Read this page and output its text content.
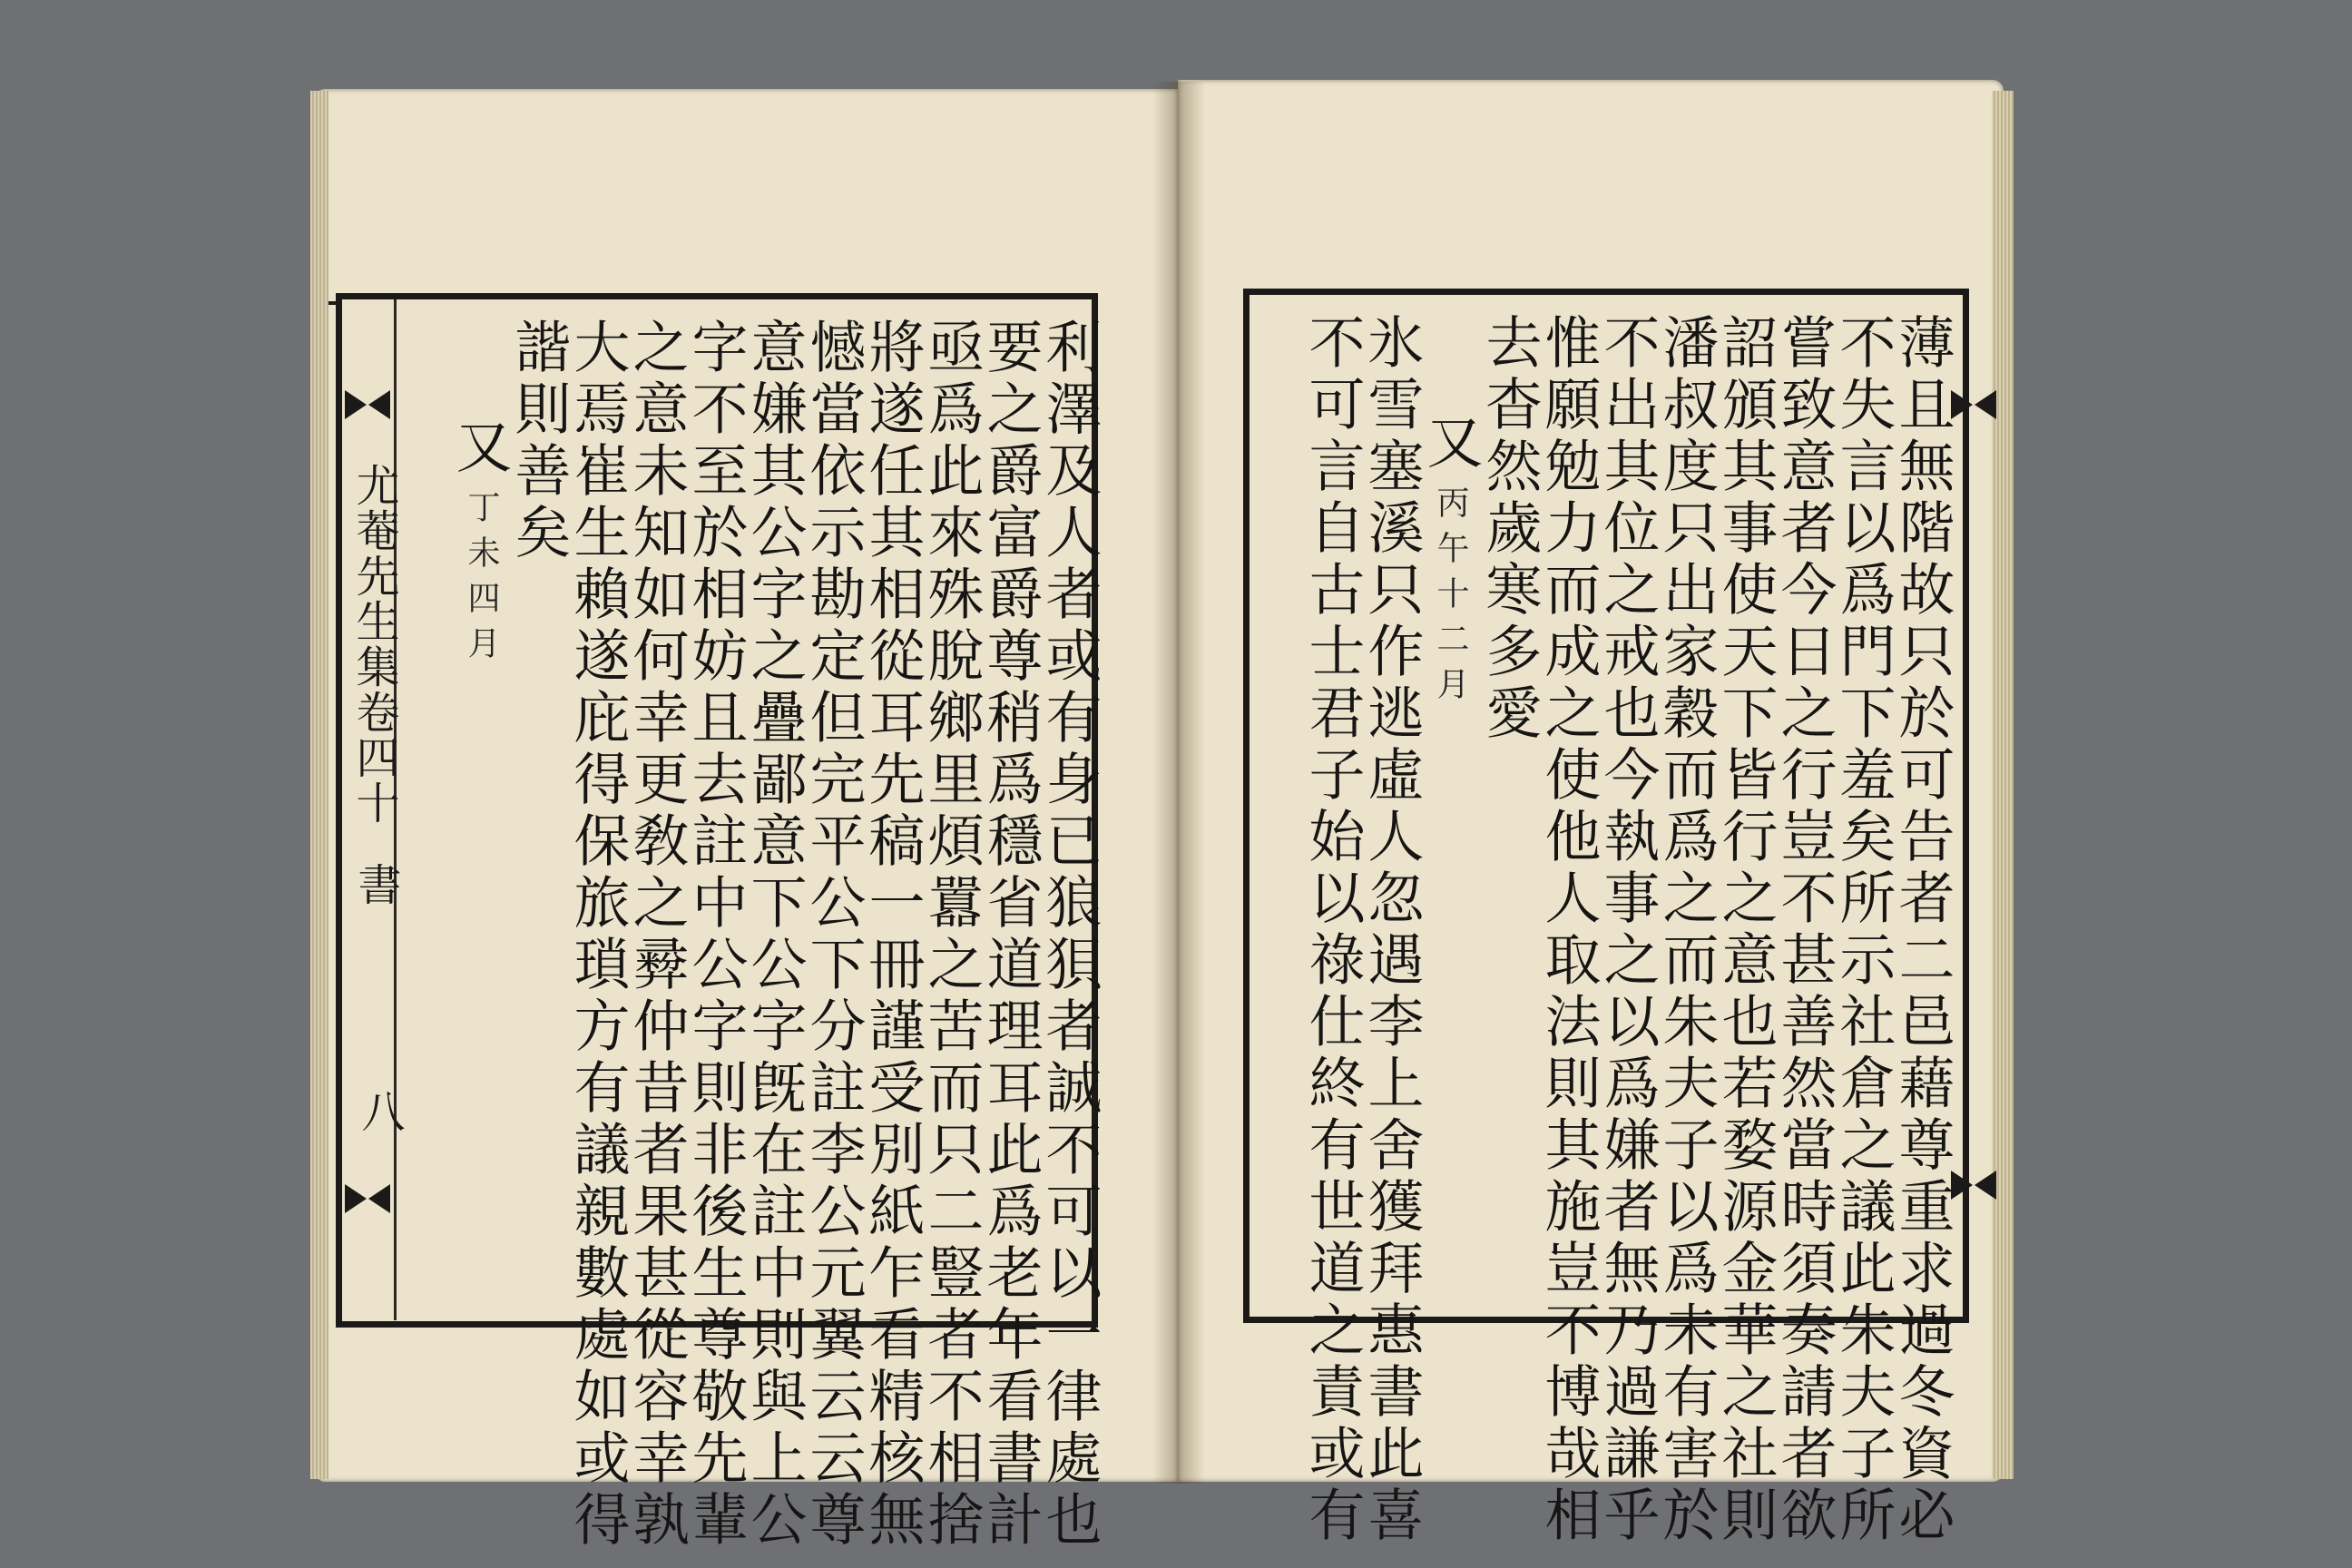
利澤及人者或有身已狼狽者誠不可以一律處也
要之爵富爵尊稍爲穩省道理耳此爲老年看書計
亟爲此來殊脫鄉里煩囂之苦而只二豎者不相捨
將遂任其相從耳先稿一冊謹受別紙乍看精核無
憾當依示勘定但完平公下分註李公元翼云云尊
意嫌其公字之疊鄙意下公字旣在註中則與上公
字不至於相妨且去註中公字則非後生尊敬先輩
之意未知如何幸更敎之彛仲昔者果甚從容幸孰
大焉崔生賴遂庇得保旅瑣方有議親數處如或得
諧則善矣
又
丁未四月
尤菴先生集卷四十
書
八	薄且無階故只於可告者二邑藉尊重求過冬資必
不失言以爲門下羞矣所示社倉之議此朱夫子所
嘗致意者今日之行豈不甚善然當時須奏請者欲
詔頒其事使天下皆行之意也若婺源金華之社則
潘叔度只出家穀而爲之而朱夫子以爲未有害於
不出其位之戒也今執事之以爲嫌者無乃過謙乎
惟願勉力而成之使他人取法則其施豈不博哉相
去杳然歲寒多愛
又
丙午十二月
氷雪塞溪只作逃虛人忽遇李上舍獲拜惠書此喜
不可言自古士君子始以祿仕終有世道之責或有
